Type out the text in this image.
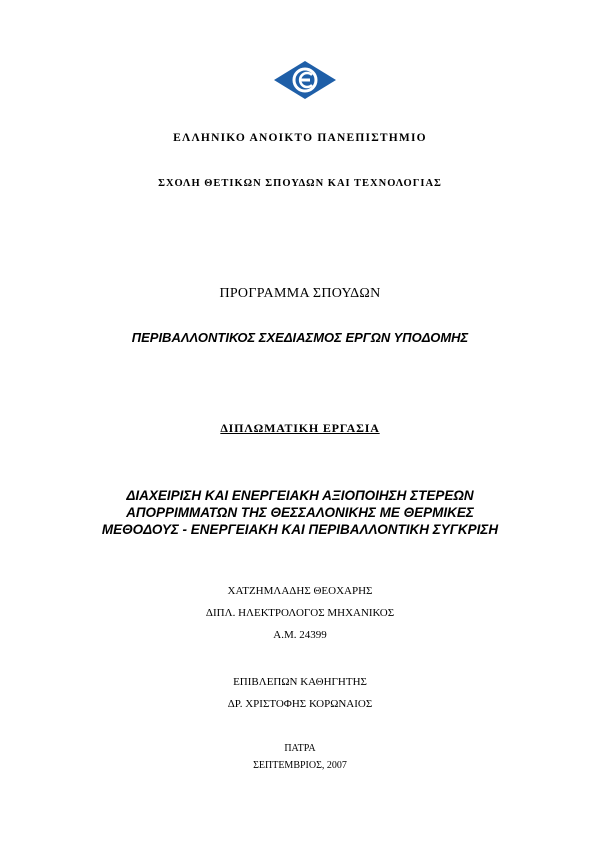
ΕΛΛΗΝΙΚΟ ΑΝΟΙΚΤΟ ΠΑΝΕΠΙΣΤΗΜΙΟ
ΣΧΟΛΗ ΘΕΤΙΚΩΝ ΣΠΟΥΔΩΝ ΚΑΙ ΤΕΧΝΟΛΟΓΙΑΣ
ΠΡΟΓΡΑΜΜΑ ΣΠΟΥΔΩΝ
ΠΕΡΙΒΑΛΛΟΝΤΙΚΟΣ ΣΧΕΔΙΑΣΜΟΣ ΕΡΓΩΝ ΥΠΟΔΟΜΗΣ
ΔΙΠΛΩΜΑΤΙΚΗ ΕΡΓΑΣΙΑ
ΔΙΑΧΕΙΡΙΣΗ ΚΑΙ ΕΝΕΡΓΕΙΑΚΗ ΑΞΙΟΠΟΙΗΣΗ ΣΤΕΡΕΩΝ
ΑΠΟΡΡΙΜΜΑΤΩΝ ΤΗΣ ΘΕΣΣΑΛΟΝΙΚΗΣ ΜΕ ΘΕΡΜΙΚΕΣ
ΜΕΘΟΔΟΥΣ - ΕΝΕΡΓΕΙΑΚΗ ΚΑΙ ΠΕΡΙΒΑΛΛΟΝΤΙΚΗ ΣΥΓΚΡΙΣΗ
ΧΑΤΖΗΜΛΑΔΗΣ ΘΕΟΧΑΡΗΣ
ΔΙΠΛ. ΗΛΕΚΤΡΟΛΟΓΟΣ ΜΗΧΑΝΙΚΟΣ
Α.Μ. 24399
ΕΠΙΒΛΕΠΩΝ ΚΑΘΗΓΗΤΗΣ
ΔΡ. ΧΡΙΣΤΟΦΗΣ ΚΟΡΩΝΑΙΟΣ
ΠΑΤΡΑ
ΣΕΠΤΕΜΒΡΙΟΣ, 2007
